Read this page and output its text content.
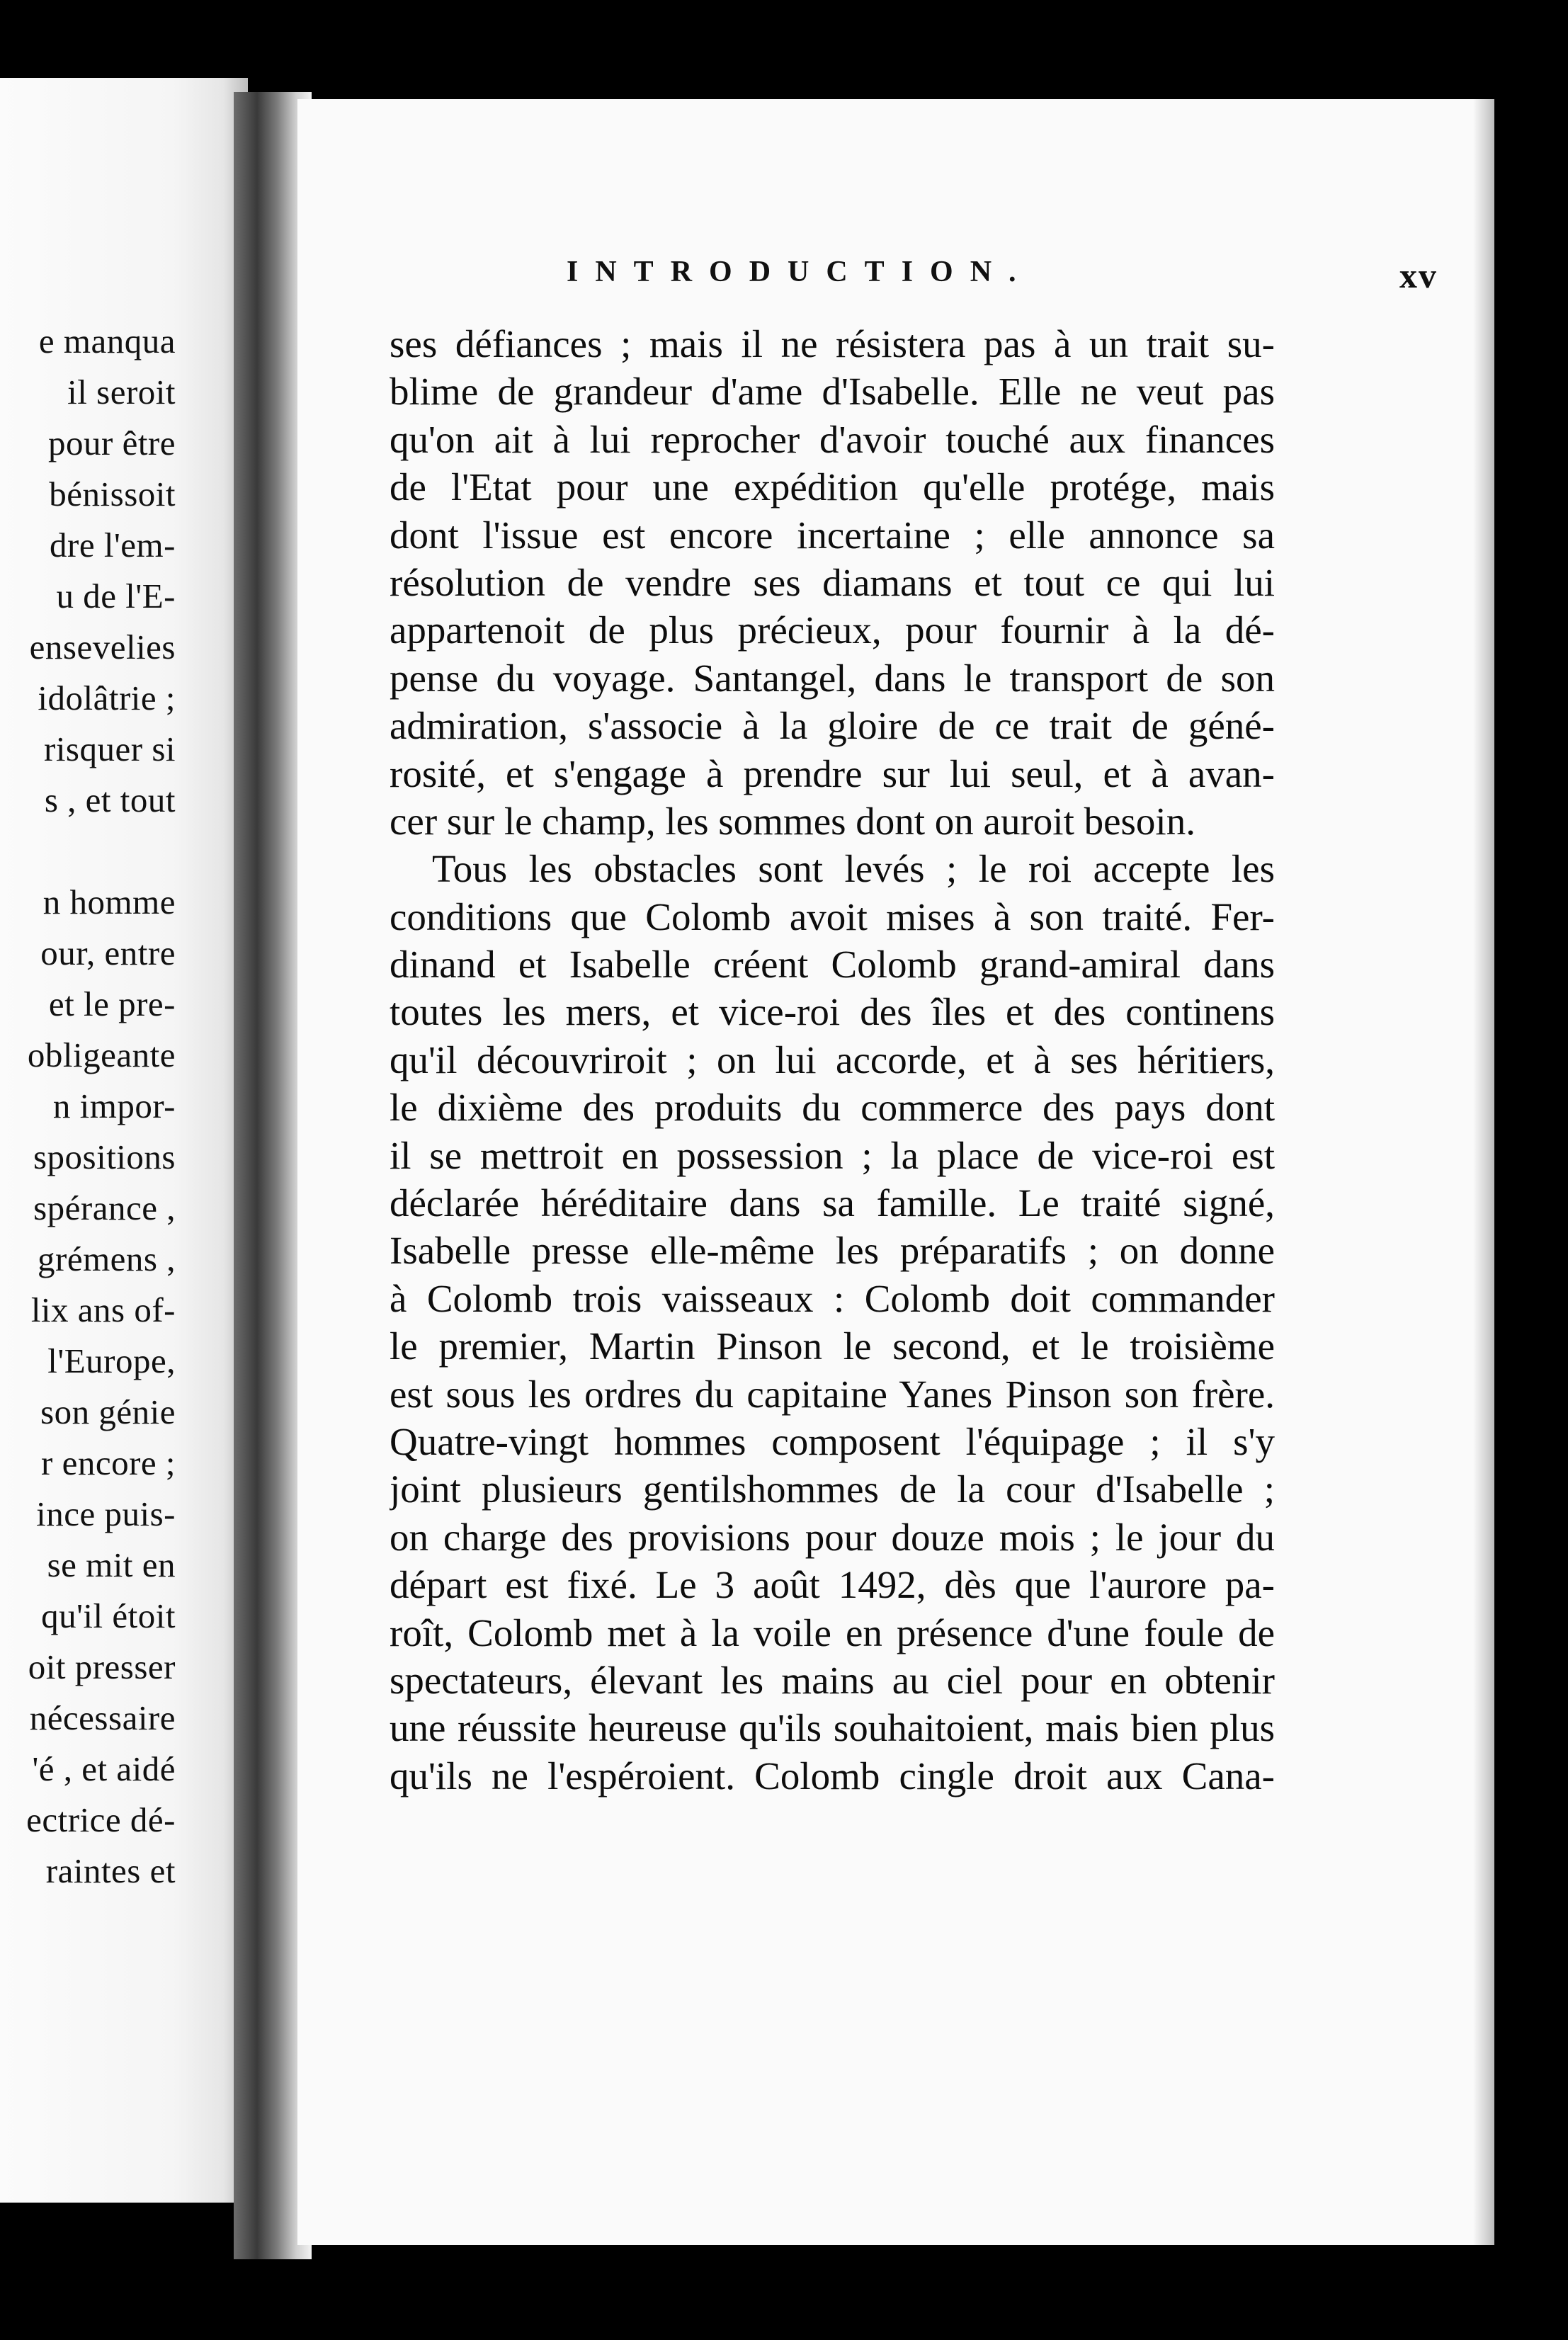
e manqua
il seroit
pour être
bénissoit
dre l'em-
u de l'E-
ensevelies
idolâtrie ;
risquer si
s , et tout
n homme
our, entre
et le pre-
obligeante
n impor-
spositions
spérance ,
grémens ,
lix ans of-
l'Europe,
son génie
r encore ;
ince puis-
se mit en
qu'il étoit
oit presser
nécessaire
'é , et aidé
ectrice dé-
raintes et
INTRODUCTION.	xv
ses défiances ; mais il ne résistera pas à un trait su-
blime de grandeur d'ame d'Isabelle. Elle ne veut pas
qu'on ait à lui reprocher d'avoir touché aux finances
de l'Etat pour une expédition qu'elle protége, mais
dont l'issue est encore incertaine ; elle annonce sa
résolution de vendre ses diamans et tout ce qui lui
appartenoit de plus précieux, pour fournir à la dé-
pense du voyage. Santangel, dans le transport de son
admiration, s'associe à la gloire de ce trait de géné-
rosité, et s'engage à prendre sur lui seul, et à avan-
cer sur le champ, les sommes dont on auroit besoin.
Tous les obstacles sont levés ; le roi accepte les
conditions que Colomb avoit mises à son traité. Fer-
dinand et Isabelle créent Colomb grand-amiral dans
toutes les mers, et vice-roi des îles et des continens
qu'il découvriroit ; on lui accorde, et à ses héritiers,
le dixième des produits du commerce des pays dont
il se mettroit en possession ; la place de vice-roi est
déclarée héréditaire dans sa famille. Le traité signé,
Isabelle presse elle-même les préparatifs ; on donne
à Colomb trois vaisseaux : Colomb doit commander
le premier, Martin Pinson le second, et le troisième
est sous les ordres du capitaine Yanes Pinson son frère.
Quatre-vingt hommes composent l'équipage ; il s'y
joint plusieurs gentilshommes de la cour d'Isabelle ;
on charge des provisions pour douze mois ; le jour du
départ est fixé. Le 3 août 1492, dès que l'aurore pa-
roît, Colomb met à la voile en présence d'une foule de
spectateurs, élevant les mains au ciel pour en obtenir
une réussite heureuse qu'ils souhaitoient, mais bien plus
qu'ils ne l'espéroient. Colomb cingle droit aux Cana-
